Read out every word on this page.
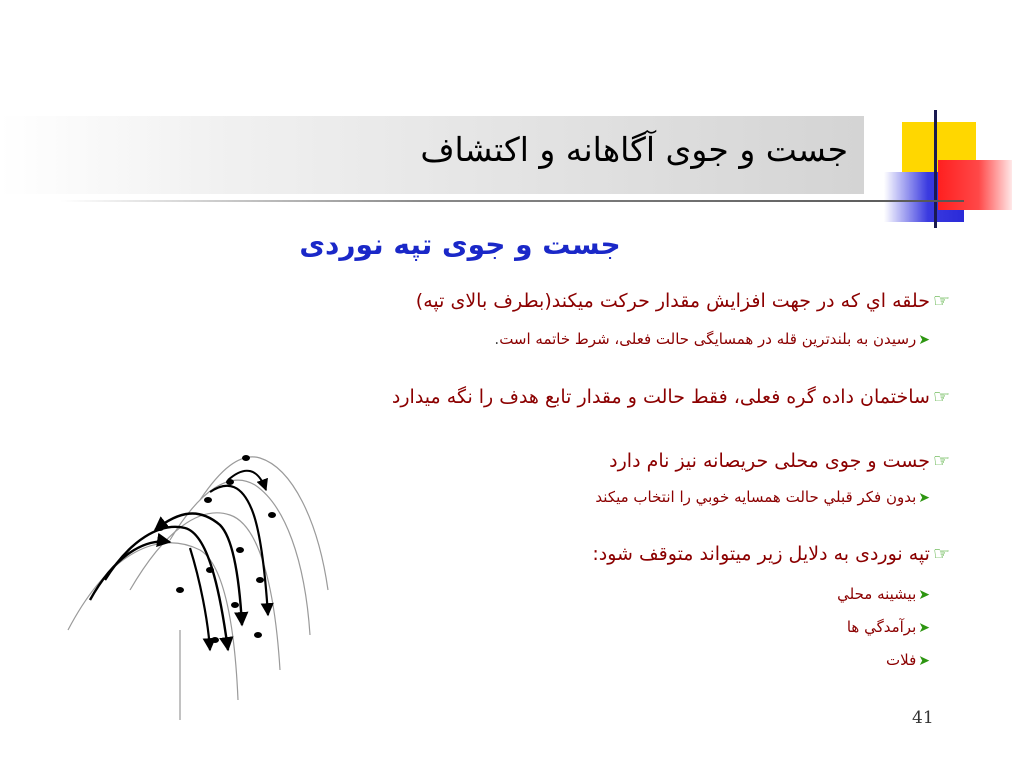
جست و جوی آگاهانه و اکتشاف
جست و جوی تپه نوردی
☞حلقه اي که در جهت افزايش مقدار حرکت ميکند(بطرف بالای تپه)
➤رسیدن به بلندترین قله در همسایگی حالت فعلی، شرط خاتمه است.
☞ساختمان داده گره فعلی، فقط حالت و مقدار تابع هدف را نگه میدارد
☞جست و جوی محلی حریصانه نیز نام دارد
➤بدون فكر قبلي حالت همسايه خوبي را انتخاب ميكند
☞تپه نوردی به دلایل زیر میتواند متوقف شود:
➤بيشينه محلي
➤برآمدگي ها
➤فلات
41
